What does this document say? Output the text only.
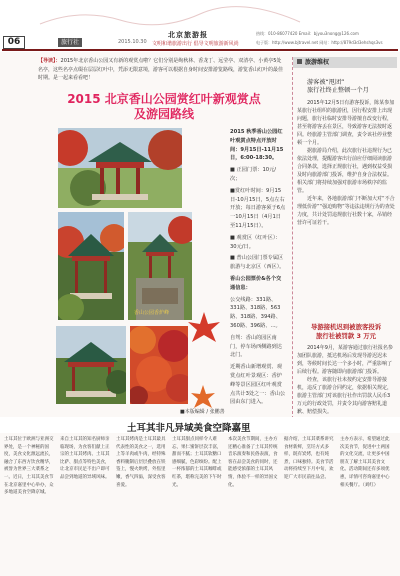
06	旅行社	2015.10.30
北京旅游报
文明和谐旅游出行 倡导文明旅游新风尚
热线：010-86077420 Email：bjyou3nong@126.com
电子版：http://www.bjtravel.net 网站：http://879d3d3ehshqs3vs
【导读】：2015年北京香山公园又有新的观赏点啦？它们分别是绚秋林、香龙丁、远莹亭、双清亭、小黄亭5处名亭，这些名亭点缀在层层红叶中，凭添无限意境，游客可以根据自身时间安排游览路线，游览香山红叶的最佳时期。是一起来看看吧！
2015 北京香山公园赏红叶新观赏点
及游园路线
香山公园香炉峰
■本版编辑 / 张鹏善

2015 秋季香山公园红叶观赏点特点开放时间：9月15日-11月15日，6:00-18:30。

■ 正园门票：10元/次；

■赏红叶时间：9月15日-10月15日，5点左右开放；每日游客须于6点一10月15日（4月1日至11月15日）。

■ 观赏区（红叶区）：30元/日。

■ 普山公园门票专属区旅游与北京区（西区）。

香山公园票价&各个交通信息：

公交线路：331路、331路、318路、563路、318路、394路、360路、396路、...。

自驾：香山的园区南门，停车场西侧路到达北门。

近期香山新增观赏、观赏点红叶景观区：香炉峰等景区园区红叶观赏点共计3处之一：香山公园由东门进入。

旅游维权
游客被“甩团”
旅行社终止整顿一个月

2015年12月5日有游客投诉，陈某参加某旅行社组织的旅游团，因行程安排上出现问题，旅行社临时安排导游擅自改变行程，甚至将游客丢在景区，导致游客无法按时返回。经旅游主管部门调查，责令该社停业整顿一个月。

据旅游局介绍，此次旅行社违规行为已依法处理，提醒游客出行前应仔细阅读旅游合同条款，选择正规旅行社，遇到权益受损及时向旅游部门投诉，维护自身合法权益。相关部门将持续加强对旅游市场秩序的监管。

近年来，各地旅游部门不断加大对“不合理低价游”“强迫购物”等违法违规行为的查处力度，共计处罚违规旅行社数十家，吊销经营许可证若干。

导游接机迟到被旅客投诉
旅行社被罚款 3 万元

2014年9月，某游客通过旅行社报名参加团队旅游，抵达机场后发现导游迟迟未到，等候时间长达一个多小时，严重影响了后续行程。游客随即向旅游部门投诉。

经查，该旅行社未按约定安排导游接机，违反了旅游合同约定，依据相关规定，旅游主管部门对该旅行社作出罚款人民币3万元的行政处罚，并责令其向游客赔礼道歉、赔偿损失。

土耳其非凡异域美食空降嘉里
土耳其位于欧洲与亚洲交界处，是一个神秘的国度，美食文化源远流长，融合了东西方饮食精华，被誉为世界三大菜系之一。近日，土耳其美食节在北京嘉里中心举办，众多地道美食空降京城。
来自土耳其的知名厨师亲临现场，为食客们献上正宗的土耳其烤肉、土耳其比萨、甜点等特色美食，让北京市民足不出户即可品尝到地道的异域风味。
土耳其烤肉是土耳其最具代表性的美食之一，选用上等羊肉或牛肉，经特殊香料腌制后层层叠放在铁签上，慢火烘烤，外焦里嫩，香气四溢，深受食客喜爱。
土耳其甜点同样令人难忘，果仁蜜饼层次丰富，甜而不腻；土耳其软糖口感细腻，色彩缤纷。配上一杯浓郁的土耳其咖啡或红茶，堪称完美的下午时光。
本次美食节期间，主办方还精心准备了土耳其传统音乐演奏和民俗表演，食客在品尝美食的同时，还能感受浓郁的土耳其风情，体验不一样的异国文化。
据介绍，土耳其菜系讲究食材新鲜，烹饪方式多样，既有炭烤，也有炖煮，口味独特。美食节活动将持续至下月中旬，欢迎广大市民前往品尝。
主办方表示，希望通过此次美食节，促进中土两国的文化交流，让更多中国朋友了解土耳其美食文化。活动期间还有多项优惠，详情可咨询嘉里中心相关餐厅。（刘红）
